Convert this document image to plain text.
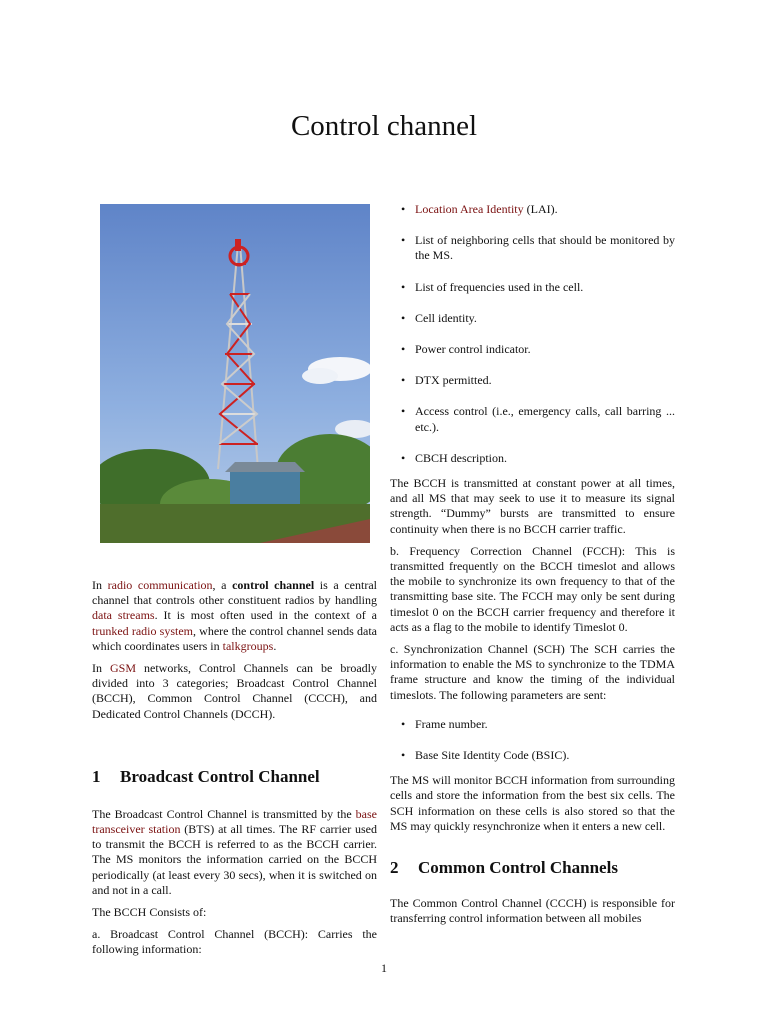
Control channel

In radio communication, a control channel is a central channel that controls other constituent radios by handling data streams. It is most often used in the context of a trunked radio system, where the control channel sends data which coordinates users in talkgroups.

In GSM networks, Control Channels can be broadly divided into 3 categories; Broadcast Control Channel (BCCH), Common Control Channel (CCCH), and Dedicated Control Channels (DCCH).

1 Broadcast Control Channel

The Broadcast Control Channel is transmitted by the base transceiver station (BTS) at all times. The RF carrier used to transmit the BCCH is referred to as the BCCH carrier. The MS monitors the information carried on the BCCH periodically (at least every 30 secs), when it is switched on and not in a call.

The BCCH Consists of:

a. Broadcast Control Channel (BCCH): Carries the following information:

• Location Area Identity (LAI).
• List of neighboring cells that should be monitored by the MS.
• List of frequencies used in the cell.
• Cell identity.
• Power control indicator.
• DTX permitted.
• Access control (i.e., emergency calls, call barring ... etc.).
• CBCH description.

The BCCH is transmitted at constant power at all times, and all MS that may seek to use it to measure its signal strength. “Dummy” bursts are transmitted to ensure continuity when there is no BCCH carrier traffic.

b. Frequency Correction Channel (FCCH): This is transmitted frequently on the BCCH timeslot and allows the mobile to synchronize its own frequency to that of the transmitting base site. The FCCH may only be sent during timeslot 0 on the BCCH carrier frequency and therefore it acts as a flag to the mobile to identify Timeslot 0.

c. Synchronization Channel (SCH) The SCH carries the information to enable the MS to synchronize to the TDMA frame structure and know the timing of the individual timeslots. The following parameters are sent:

• Frame number.
• Base Site Identity Code (BSIC).

The MS will monitor BCCH information from surrounding cells and store the information from the best six cells. The SCH information on these cells is also stored so that the MS may quickly resynchronize when it enters a new cell.

2 Common Control Channels

The Common Control Channel (CCCH) is responsible for transferring control information between all mobiles

1
